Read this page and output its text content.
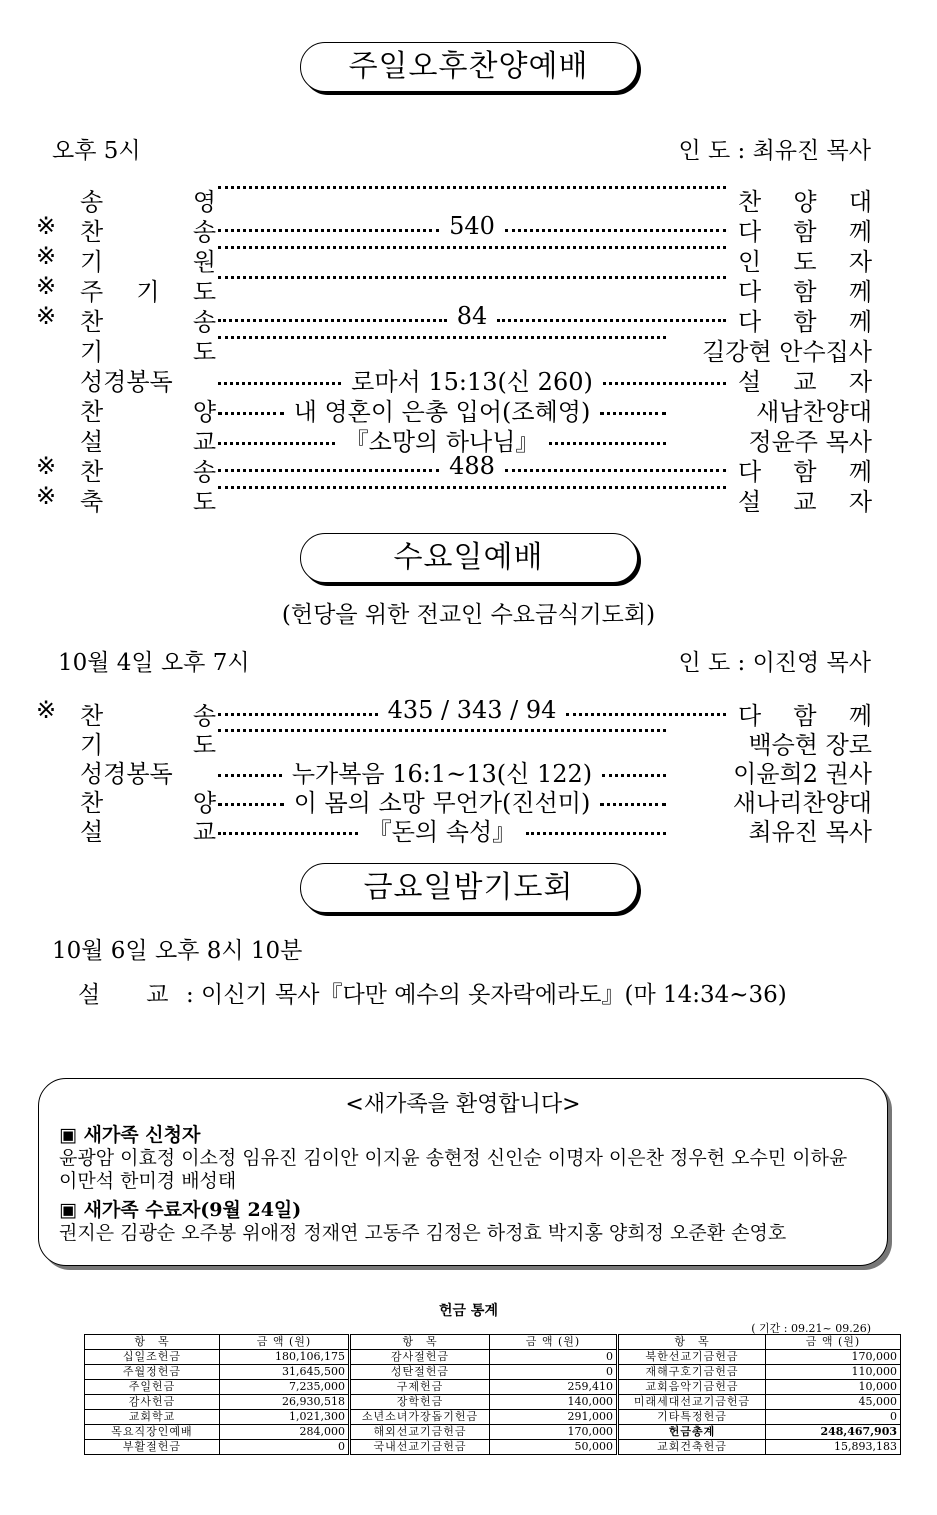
주일오후찬양예배
오후 5시	인 도 : 최유진 목사
송	영	찬 양 대
※ 찬	송	540	다 함 께
※ 기	원	인 도 자
※ 주 기 도	다 함 께
※ 찬	송	84	다 함 께
기	도	길강현 안수집사
성경봉독	로마서 15:13(신 260)	설 교 자
찬	양	내 영혼이 은총 입어(조혜영)	새남찬양대
설	교	『소망의 하나님』	정윤주 목사
※ 찬	송	488	다 함 께
※ 축	도	설 교 자
수요일예배
(헌당을 위한 전교인 수요금식기도회)
10월 4일 오후 7시	인 도 : 이진영 목사
※ 찬	송	435 / 343 / 94	다 함 께
기	도	백승현 장로
성경봉독	누가복음 16:1~13(신 122)	이윤희2 권사
찬	양	이 몸의 소망 무언가(진선미)	새나리찬양대
설	교	『돈의 속성』	최유진 목사
금요일밤기도회
10월 6일 오후 8시 10분
설　　교 : 이신기 목사『다만 예수의 옷자락에라도』(마 14:34~36)
<새가족을 환영합니다>
▣ 새가족 신청자
윤광암 이효정 이소정 임유진 김이안 이지윤 송현정 신인순 이명자 이은찬 정우헌 오수민 이하윤 이만석 한미경 배성태
▣ 새가족 수료자(9월 24일)
권지은 김광순 오주봉 위애정 정재연 고동주 김정은 하정효 박지홍 양희정 오준환 손영호
헌금 통계
( 기간 : 09.21~ 09.26)
항　목	금 액 (원)	항　목	금 액 (원)	항　목	금 액 (원)
십일조헌금	180,106,175	감사절헌금	0	북한선교기금헌금	170,000
주월정헌금	31,645,500	성탄절헌금	0	재해구호기금헌금	110,000
주일헌금	7,235,000	구제헌금	259,410	교회음악기금헌금	10,000
감사헌금	26,930,518	장학헌금	140,000	미래세대선교기금헌금	45,000
교회학교	1,021,300	소년소녀가장돕기헌금	291,000	기타특정헌금	0
목요직장인예배	284,000	해외선교기금헌금	170,000	헌금총계	248,467,903
부활절헌금	0	국내선교기금헌금	50,000	교회건축헌금	15,893,183
